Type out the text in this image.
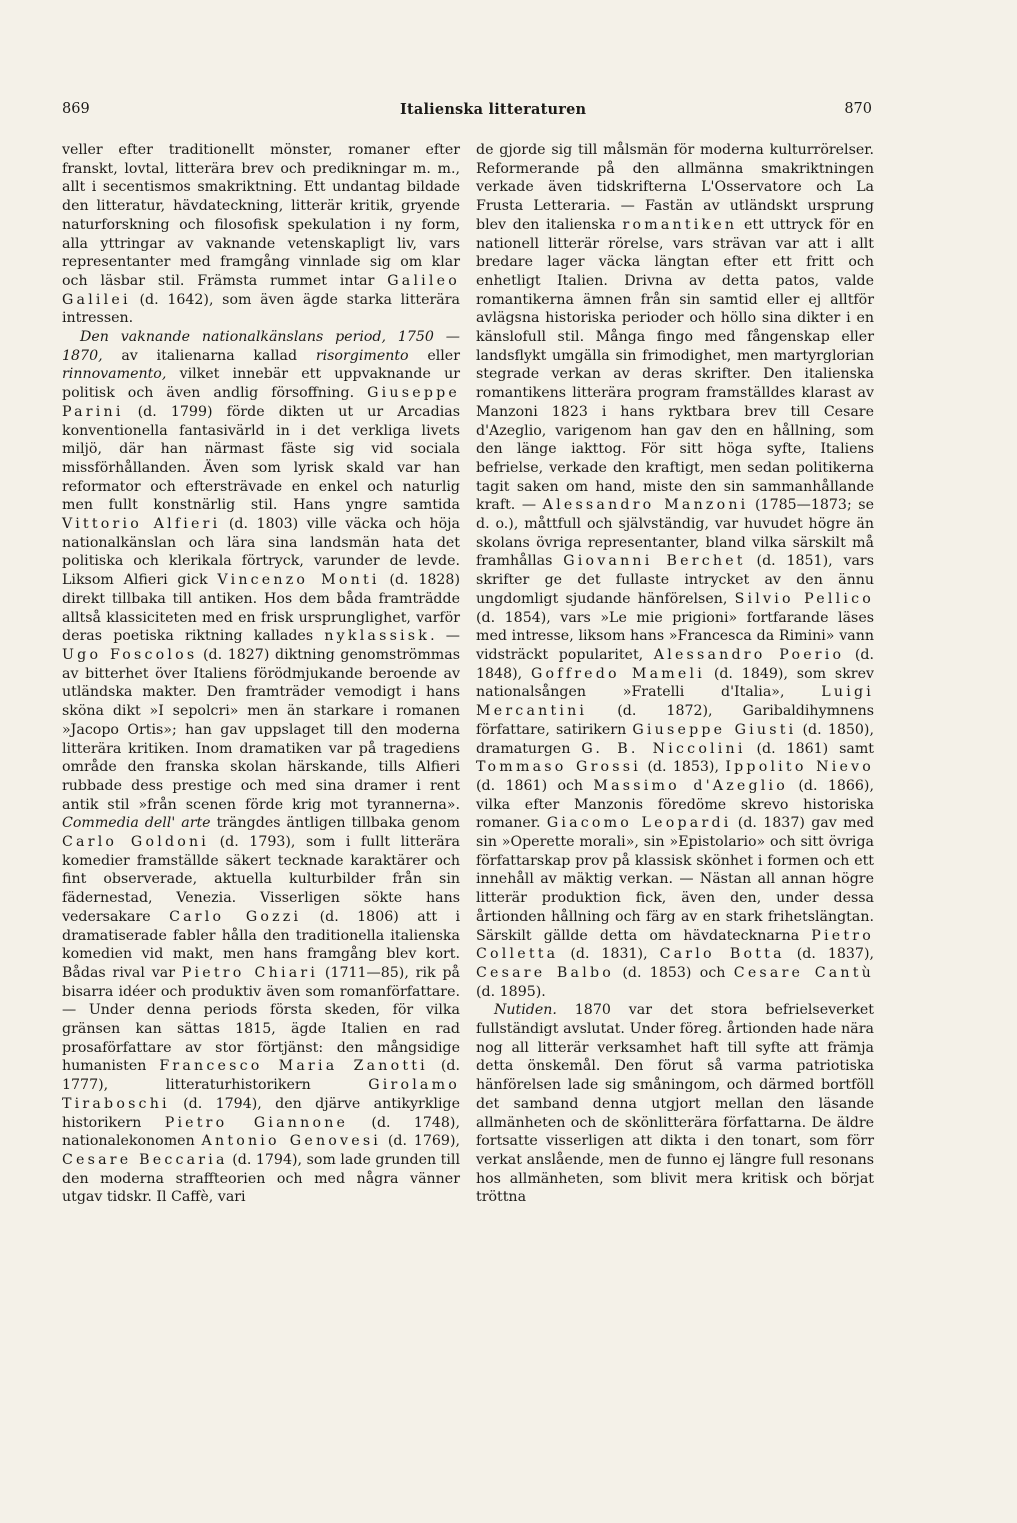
869	Italienska litteraturen	870

veller efter traditionellt mönster, romaner efter franskt, lovtal, litterära brev och predikningar m. m., allt i secentismos smakriktning. Ett undantag bildade den litteratur, hävdateckning, litterär kritik, gryende naturforskning och filosofisk spekulation i ny form, alla yttringar av vaknande vetenskapligt liv, vars representanter med framgång vinnlade sig om klar och läsbar stil. Främsta rummet intar Galileo Galilei (d. 1642), som även ägde starka litterära intressen.

Den vaknande nationalkänslans period, 1750 —1870, av italienarna kallad risorgimento eller rinnovamento, vilket innebär ett uppvaknande ur politisk och även andlig försoffning. Giuseppe Parini (d. 1799) förde dikten ut ur Arcadias konventionella fantasivärld in i det verkliga livets miljö, där han närmast fäste sig vid sociala missförhållanden. Även som lyrisk skald var han reformator och eftersträvade en enkel och naturlig men fullt konstnärlig stil. Hans yngre samtida Vittorio Alfieri (d. 1803) ville väcka och höja nationalkänslan och lära sina landsmän hata det politiska och klerikala förtryck, varunder de levde. Liksom Alfieri gick Vincenzo Monti (d. 1828) direkt tillbaka till antiken. Hos dem båda framträdde alltså klassiciteten med en frisk ursprunglighet, varför deras poetiska riktning kallades nyklassisk. — Ugo Foscolos (d. 1827) diktning genomströmmas av bitterhet över Italiens förödmjukande beroende av utländska makter. Den framträder vemodigt i hans sköna dikt »I sepolcri» men än starkare i romanen »Jacopo Ortis»; han gav uppslaget till den moderna litterära kritiken. Inom dramatiken var på tragediens område den franska skolan härskande, tills Alfieri rubbade dess prestige och med sina dramer i rent antik stil »från scenen förde krig mot tyrannerna». Commedia dell' arte trängdes äntligen tillbaka genom Carlo Goldoni (d. 1793), som i fullt litterära komedier framställde säkert tecknade karaktärer och fint observerade, aktuella kulturbilder från sin fädernestad, Venezia. Visserligen sökte hans vedersakare Carlo Gozzi (d. 1806) att i dramatiserade fabler hålla den traditionella italienska komedien vid makt, men hans framgång blev kort. Bådas rival var Pietro Chiari (1711—85), rik på bisarra idéer och produktiv även som romanförfattare. — Under denna periods första skeden, för vilka gränsen kan sättas 1815, ägde Italien en rad prosaförfattare av stor förtjänst: den mångsidige humanisten Francesco Maria Zanotti (d. 1777), litteraturhistorikern Girolamo Tiraboschi (d. 1794), den djärve antikyrklige historikern Pietro Giannone (d. 1748), nationalekonomen Antonio Genovesi (d. 1769), Cesare Beccaria (d. 1794), som lade grunden till den moderna straffteorien och med några vänner utgav tidskr. Il Caffè, vari

de gjorde sig till målsmän för moderna kulturrörelser. Reformerande på den allmänna smakriktningen verkade även tidskrifterna L'Osservatore och La Frusta Letteraria. — Fastän av utländskt ursprung blev den italienska romantiken ett uttryck för en nationell litterär rörelse, vars strävan var att i allt bredare lager väcka längtan efter ett fritt och enhetligt Italien. Drivna av detta patos, valde romantikerna ämnen från sin samtid eller ej alltför avlägsna historiska perioder och höllo sina dikter i en känslofull stil. Många fingo med fångenskap eller landsflykt umgälla sin frimodighet, men martyrglorian stegrade verkan av deras skrifter. Den italienska romantikens litterära program framställdes klarast av Manzoni 1823 i hans ryktbara brev till Cesare d'Azeglio, varigenom han gav den en hållning, som den länge iakttog. För sitt höga syfte, Italiens befrielse, verkade den kraftigt, men sedan politikerna tagit saken om hand, miste den sin sammanhållande kraft. — Alessandro Manzoni (1785—1873; se d. o.), måttfull och självständig, var huvudet högre än skolans övriga representanter, bland vilka särskilt må framhållas Giovanni Berchet (d. 1851), vars skrifter ge det fullaste intrycket av den ännu ungdomligt sjudande hänförelsen, Silvio Pellico (d. 1854), vars »Le mie prigioni» fortfarande läses med intresse, liksom hans »Francesca da Rimini» vann vidsträckt popularitet, Alessandro Poerio (d. 1848), Goffredo Mameli (d. 1849), som skrev nationalsången »Fratelli d'Italia», Luigi Mercantini (d. 1872), Garibaldihymnens författare, satirikern Giuseppe Giusti (d. 1850), dramaturgen G. B. Niccolini (d. 1861) samt Tommaso Grossi (d. 1853), Ippolito Nievo (d. 1861) och Massimo d'Azeglio (d. 1866), vilka efter Manzonis föredöme skrevo historiska romaner. Giacomo Leopardi (d. 1837) gav med sin »Operette morali», sin »Epistolario» och sitt övriga författarskap prov på klassisk skönhet i formen och ett innehåll av mäktig verkan. — Nästan all annan högre litterär produktion fick, även den, under dessa årtionden hållning och färg av en stark frihetslängtan. Särskilt gällde detta om hävdatecknarna Pietro Colletta (d. 1831), Carlo Botta (d. 1837), Cesare Balbo (d. 1853) och Cesare Cantù (d. 1895).

Nutiden. 1870 var det stora befrielseverket fullständigt avslutat. Under föreg. årtionden hade nära nog all litterär verksamhet haft till syfte att främja detta önskemål. Den förut så varma patriotiska hänförelsen lade sig småningom, och därmed bortföll det samband denna utgjort mellan den läsande allmänheten och de skönlitterära författarna. De äldre fortsatte visserligen att dikta i den tonart, som förr verkat anslående, men de funno ej längre full resonans hos allmänheten, som blivit mera kritisk och börjat tröttna
